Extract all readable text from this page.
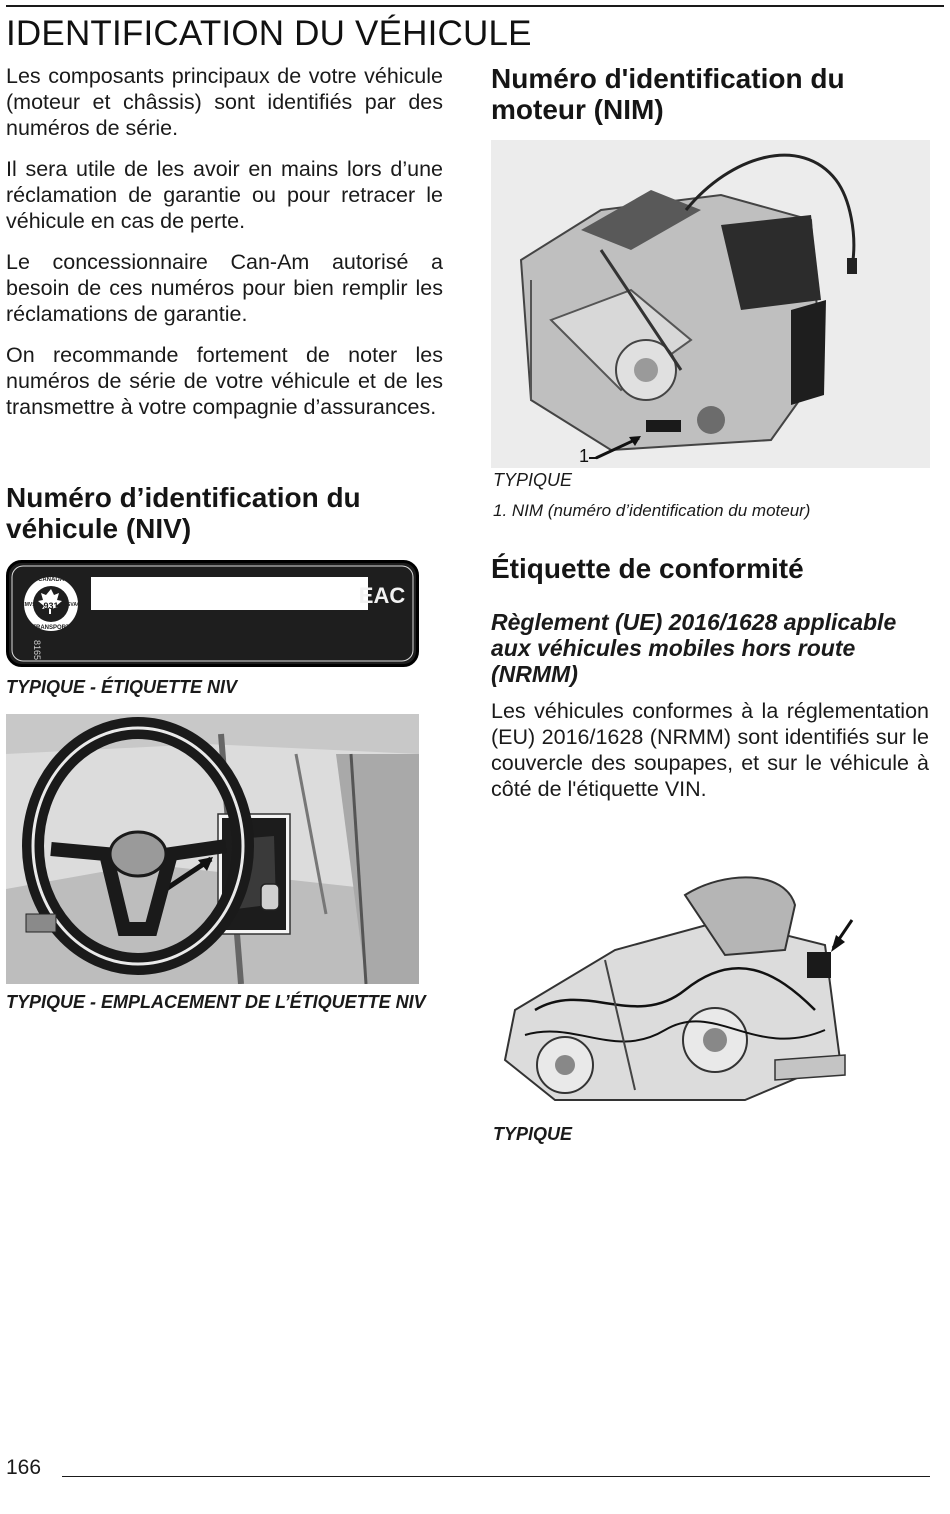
IDENTIFICATION DU VÉHICULE

Les composants principaux de votre véhicule (moteur et châssis) sont identifiés par des numéros de série.

Il sera utile de les avoir en mains lors d’une réclamation de garantie ou pour retracer le véhicule en cas de perte.

Le concessionnaire Can-Am autorisé a besoin de ces numéros pour bien remplir les réclamations de garantie.

On recommande fortement de noter les numéros de série de votre véhicule et de les transmettre à votre compagnie d’assurances.

Numéro d’identification du véhicule (NIV)
8165
CANADA
CMVSS	NSVAC
931
TRANSPORT
EAC
TYPIQUE - ÉTIQUETTE NIV
TYPIQUE - EMPLACEMENT DE L’ÉTIQUETTE NIV
Numéro d'identification du moteur (NIM)
1
TYPIQUE
1. NIM (numéro d’identification du moteur)
Étiquette de conformité
Règlement (UE) 2016/1628 applicable aux véhicules mobiles hors route (NRMM)

Les véhicules conformes à la réglementation (EU) 2016/1628 (NRMM) sont identifiés sur le couvercle des soupapes, et sur le véhicule à côté de l'étiquette VIN.

TYPIQUE
166
